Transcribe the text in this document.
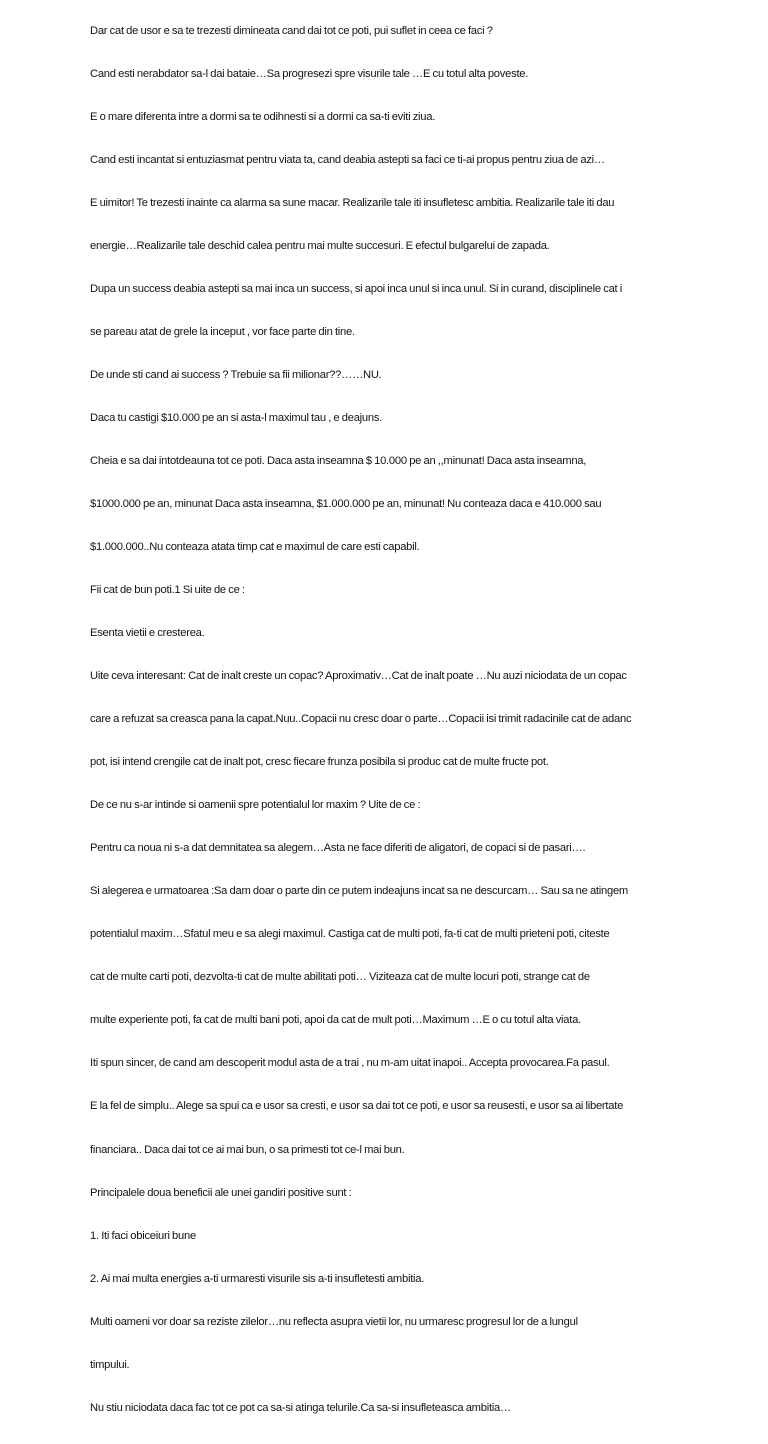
Dar cat de usor e sa te trezesti dimineata cand dai tot ce poti, pui suflet in ceea ce faci ?

Cand esti nerabdator sa-l dai bataie…Sa progresezi spre visurile tale …E cu totul alta poveste.

E o mare diferenta intre a dormi sa te odihnesti si a dormi ca sa-ti eviti ziua.

Cand esti incantat si entuziasmat pentru viata ta, cand deabia astepti sa faci ce ti-ai propus pentru ziua de azi…

E uimitor! Te trezesti inainte ca alarma sa sune macar. Realizarile tale iti insufletesc ambitia. Realizarile tale iti dau

energie…Realizarile tale deschid calea pentru mai multe succesuri. E efectul bulgarelui de zapada.

Dupa un success deabia astepti sa mai inca un success, si apoi inca unul si inca unul. Si in curand, disciplinele cat i

se pareau atat de grele la inceput , vor face parte din tine.

De unde sti cand ai success ? Trebuie sa fii milionar??……NU.

Daca tu castigi $10.000 pe an si asta-l maximul tau , e deajuns.

Cheia e sa dai intotdeauna tot ce poti. Daca asta inseamna $ 10.000 pe an ,,minunat! Daca asta inseamna,

$1000.000 pe an, minunat Daca asta inseamna, $1.000.000 pe an, minunat! Nu conteaza daca e 410.000 sau

$1.000.000..Nu conteaza atata timp cat e maximul de care esti capabil.

Fii cat de bun poti.1 Si uite de ce :

Esenta vietii e cresterea.

Uite ceva interesant: Cat de inalt creste un copac? Aproximativ…Cat de inalt poate …Nu auzi niciodata de un copac

care a refuzat sa creasca pana la capat.Nuu..Copacii nu cresc doar o parte…Copacii isi trimit radacinile cat de adanc

pot, isi intend crengile cat de inalt pot, cresc fiecare frunza posibila si produc cat de multe fructe pot.

De ce nu s-ar intinde si oamenii spre potentialul lor maxim ? Uite de ce :

Pentru ca noua ni s-a dat demnitatea sa alegem…Asta ne face diferiti de aligatori, de copaci si de pasari….

Si alegerea e urmatoarea :Sa dam doar o parte din ce putem indeajuns incat sa ne descurcam… Sau sa ne atingem

potentialul maxim…Sfatul meu e sa alegi maximul. Castiga cat de multi poti, fa-ti cat de multi prieteni poti, citeste

cat de multe carti poti, dezvolta-ti cat de multe abilitati poti… Viziteaza cat de multe locuri poti, strange cat de

multe experiente poti, fa cat de multi bani poti, apoi da cat de mult poti…Maximum …E o cu totul alta viata.

Iti spun sincer, de cand am descoperit modul asta de a trai , nu m-am uitat inapoi.. Accepta provocarea.Fa pasul.

E la fel de simplu.. Alege sa spui ca e usor sa cresti, e usor sa dai tot ce poti, e usor sa reusesti, e usor sa ai libertate

financiara.. Daca dai tot ce ai mai bun, o sa primesti tot ce-l mai bun.

Principalele doua beneficii ale unei gandiri positive sunt :

1. Iti faci obiceiuri bune

2. Ai mai multa energies a-ti urmaresti visurile sis a-ti insufletesti ambitia.

Multi oameni vor doar sa reziste zilelor…nu reflecta asupra vietii lor, nu urmaresc progresul lor de a lungul

timpului.

Nu stiu niciodata daca fac tot ce pot ca sa-si atinga telurile.Ca sa-si insufleteasca ambitia…
